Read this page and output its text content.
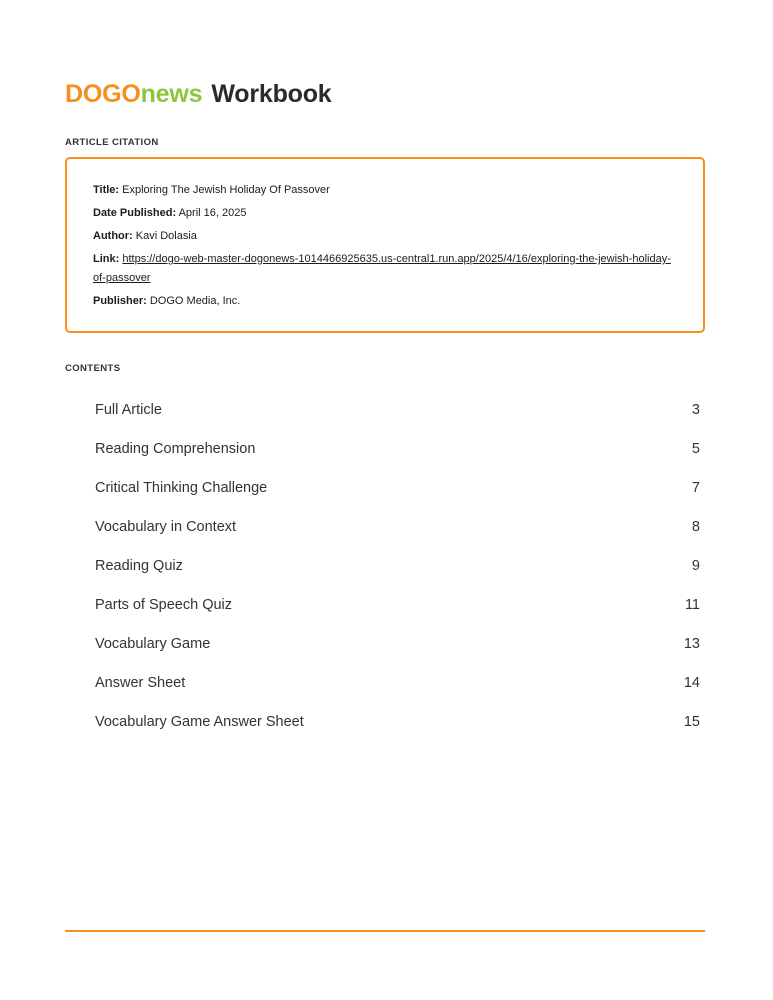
DOGOnews Workbook
ARTICLE CITATION
Title: Exploring The Jewish Holiday Of Passover
Date Published: April 16, 2025
Author: Kavi Dolasia
Link: https://dogo-web-master-dogonews-1014466925635.us-central1.run.app/2025/4/16/exploring-the-jewish-holiday-of-passover
Publisher: DOGO Media, Inc.
CONTENTS
Full Article	3
Reading Comprehension	5
Critical Thinking Challenge	7
Vocabulary in Context	8
Reading Quiz	9
Parts of Speech Quiz	11
Vocabulary Game	13
Answer Sheet	14
Vocabulary Game Answer Sheet	15
